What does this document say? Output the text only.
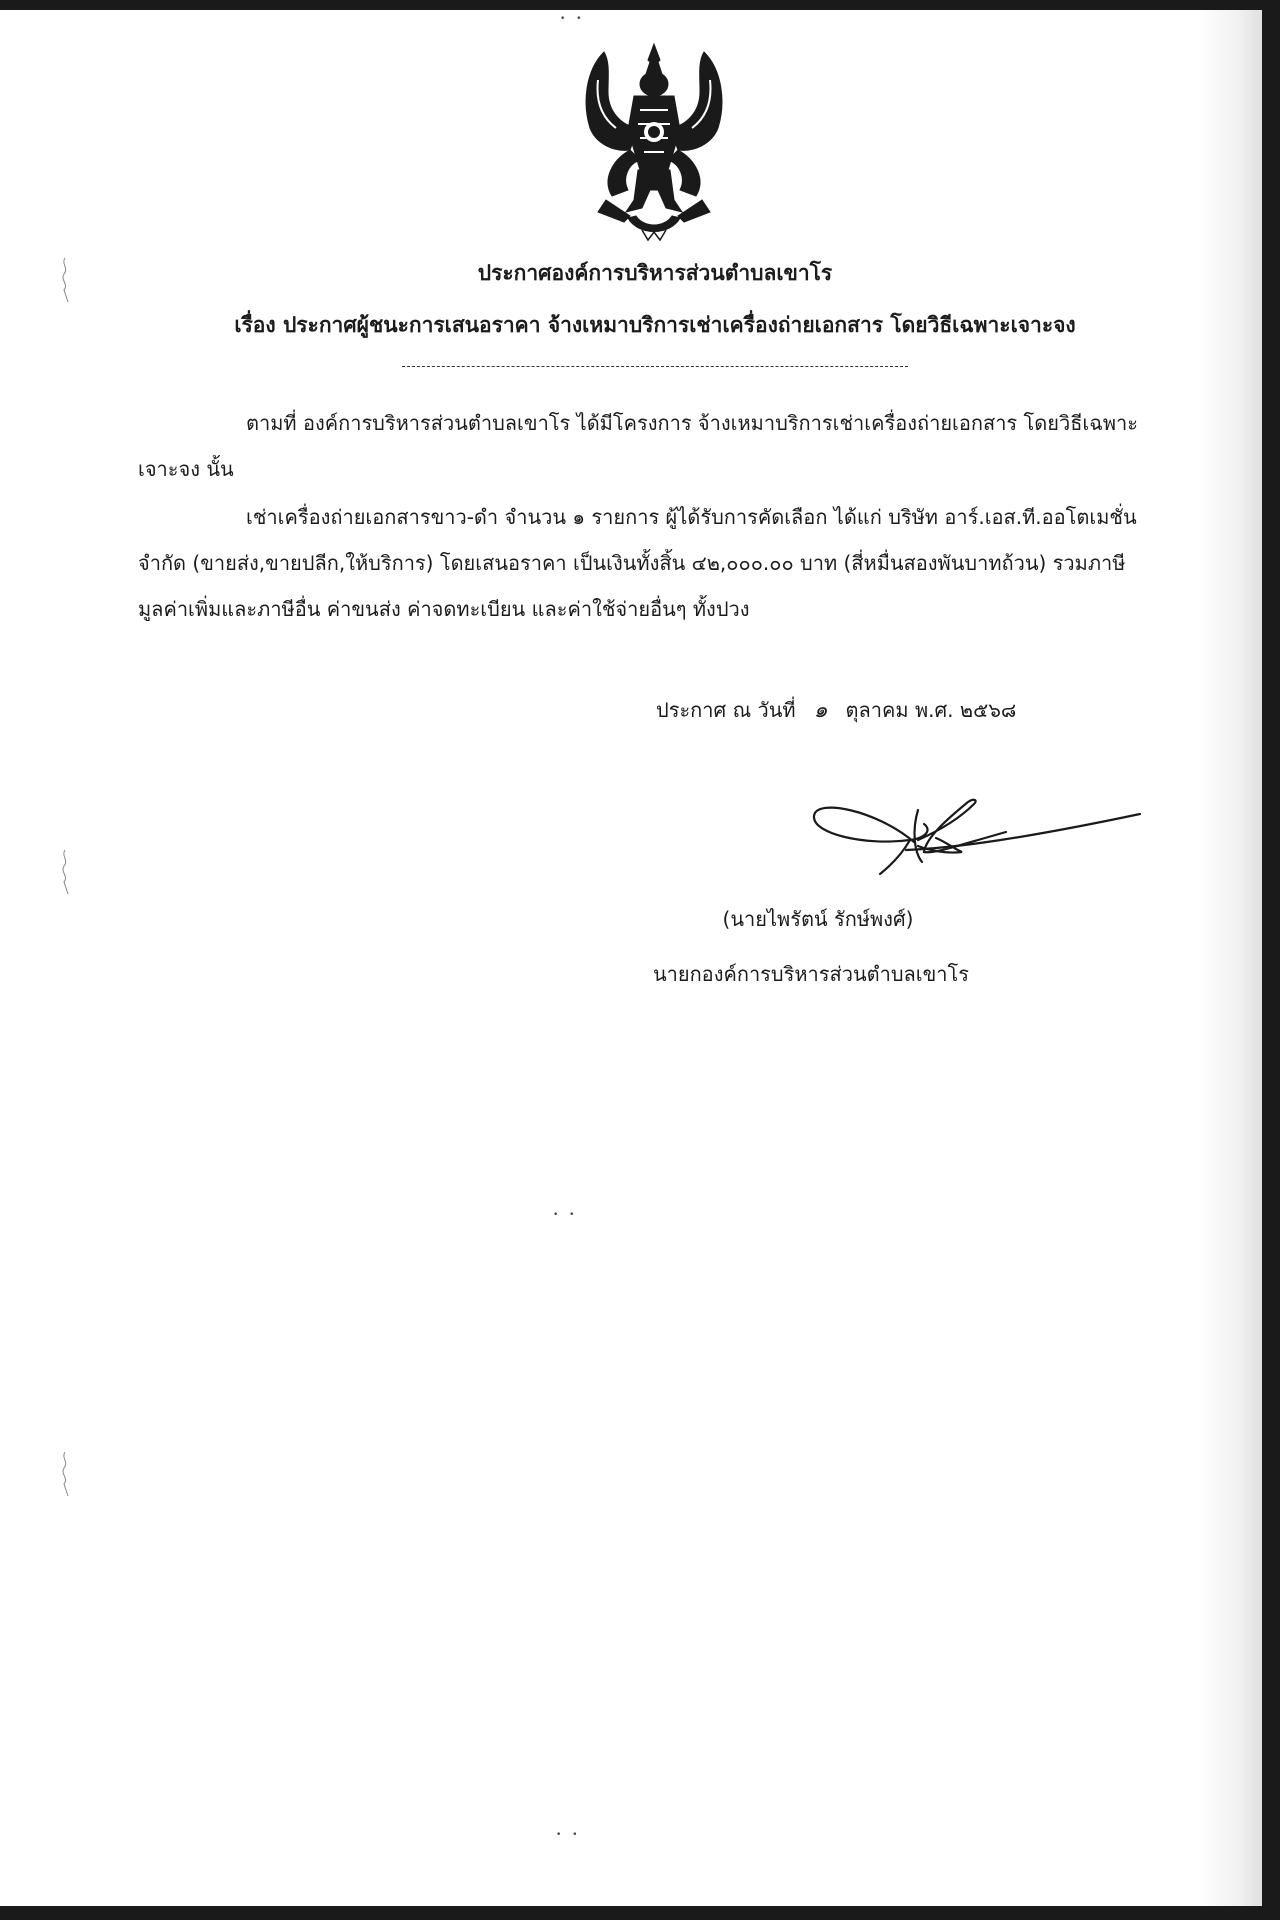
• •
• •
• •

ประกาศองค์การบริหารส่วนตำบลเขาโร

เรื่อง ประกาศผู้ชนะการเสนอราคา จ้างเหมาบริการเช่าเครื่องถ่ายเอกสาร โดยวิธีเฉพาะเจาะจง

ตามที่ องค์การบริหารส่วนตำบลเขาโร ได้มีโครงการ จ้างเหมาบริการเช่าเครื่องถ่ายเอกสาร โดยวิธีเฉพาะเจาะจง นั้น

เช่าเครื่องถ่ายเอกสารขาว-ดำ จำนวน ๑ รายการ ผู้ได้รับการคัดเลือก ได้แก่ บริษัท อาร์.เอส.ที.ออโตเมชั่น จำกัด (ขายส่ง,ขายปลีก,ให้บริการ) โดยเสนอราคา เป็นเงินทั้งสิ้น ๔๒,๐๐๐.๐๐ บาท (สี่หมื่นสองพันบาทถ้วน) รวมภาษีมูลค่าเพิ่มและภาษีอื่น ค่าขนส่ง ค่าจดทะเบียน และค่าใช้จ่ายอื่นๆ ทั้งปวง

ประกาศ ณ วันที่ ๑ ตุลาคม พ.ศ. ๒๕๖๘
(นายไพรัตน์ รักษ์พงศ์)
นายกองค์การบริหารส่วนตำบลเขาโร
